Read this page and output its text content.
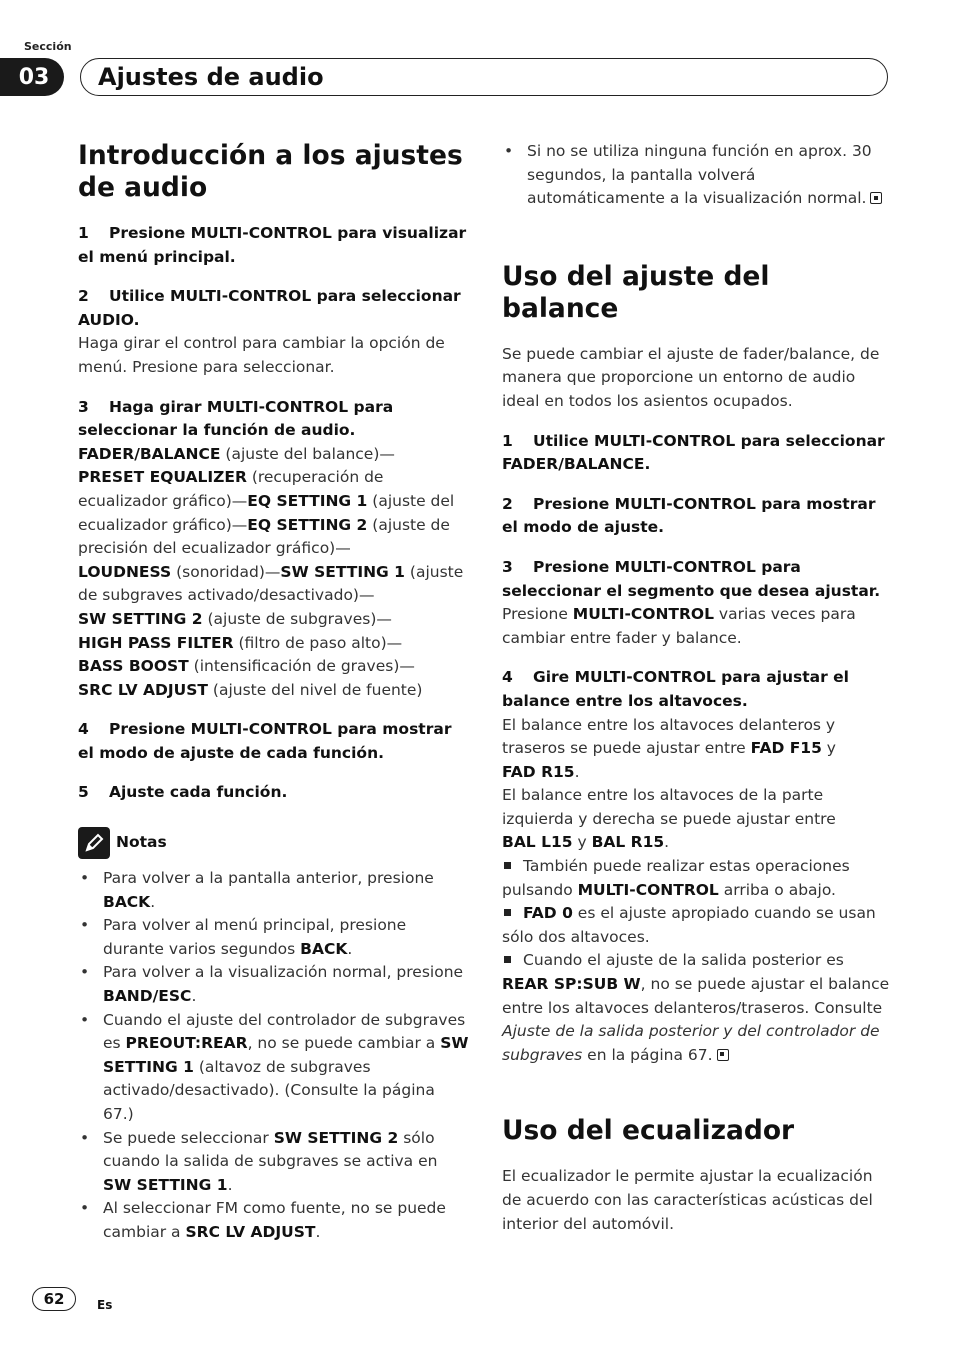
Sección
03	Ajustes de audio
Introducción a los ajustes de audio

1 Presione MULTI-CONTROL para visualizar el menú principal.

2 Utilice MULTI-CONTROL para seleccionar AUDIO.

Haga girar el control para cambiar la opción de menú. Presione para seleccionar.

3 Haga girar MULTI-CONTROL para seleccionar la función de audio.

FADER/BALANCE (ajuste del balance)—
PRESET EQUALIZER (recuperación de ecualizador gráfico)—EQ SETTING 1 (ajuste del ecualizador gráfico)—EQ SETTING 2 (ajuste de precisión del ecualizador gráfico)—
LOUDNESS (sonoridad)—SW SETTING 1 (ajuste de subgraves activado/desactivado)—
SW SETTING 2 (ajuste de subgraves)—
HIGH PASS FILTER (filtro de paso alto)—
BASS BOOST (intensificación de graves)—
SRC LV ADJUST (ajuste del nivel de fuente)

4 Presione MULTI-CONTROL para mostrar el modo de ajuste de cada función.

5 Ajuste cada función.

Notas
• Para volver a la pantalla anterior, presione BACK.
• Para volver al menú principal, presione durante varios segundos BACK.
• Para volver a la visualización normal, presione BAND/ESC.
• Cuando el ajuste del controlador de subgraves es PREOUT:REAR, no se puede cambiar a SW SETTING 1 (altavoz de subgraves activado/desactivado). (Consulte la página 67.)
• Se puede seleccionar SW SETTING 2 sólo cuando la salida de subgraves se activa en SW SETTING 1.
• Al seleccionar FM como fuente, no se puede cambiar a SRC LV ADJUST.
• Si no se utiliza ninguna función en aprox. 30 segundos, la pantalla volverá automáticamente a la visualización normal.
Uso del ajuste del balance

Se puede cambiar el ajuste de fader/balance, de manera que proporcione un entorno de audio ideal en todos los asientos ocupados.

1 Utilice MULTI-CONTROL para seleccionar FADER/BALANCE.

2 Presione MULTI-CONTROL para mostrar el modo de ajuste.

3 Presione MULTI-CONTROL para seleccionar el segmento que desea ajustar.

Presione MULTI-CONTROL varias veces para cambiar entre fader y balance.

4 Gire MULTI-CONTROL para ajustar el balance entre los altavoces.

El balance entre los altavoces delanteros y traseros se puede ajustar entre FAD F15 y
FAD R15.

El balance entre los altavoces de la parte izquierda y derecha se puede ajustar entre
BAL L15 y BAL R15.

También puede realizar estas operaciones pulsando MULTI-CONTROL arriba o abajo.

FAD 0 es el ajuste apropiado cuando se usan sólo dos altavoces.

Cuando el ajuste de la salida posterior es
REAR SP:SUB W, no se puede ajustar el balance entre los altavoces delanteros/traseros. Consulte Ajuste de la salida posterior y del controlador de subgraves en la página 67.

Uso del ecualizador

El ecualizador le permite ajustar la ecualización de acuerdo con las características acústicas del interior del automóvil.

62	Es
